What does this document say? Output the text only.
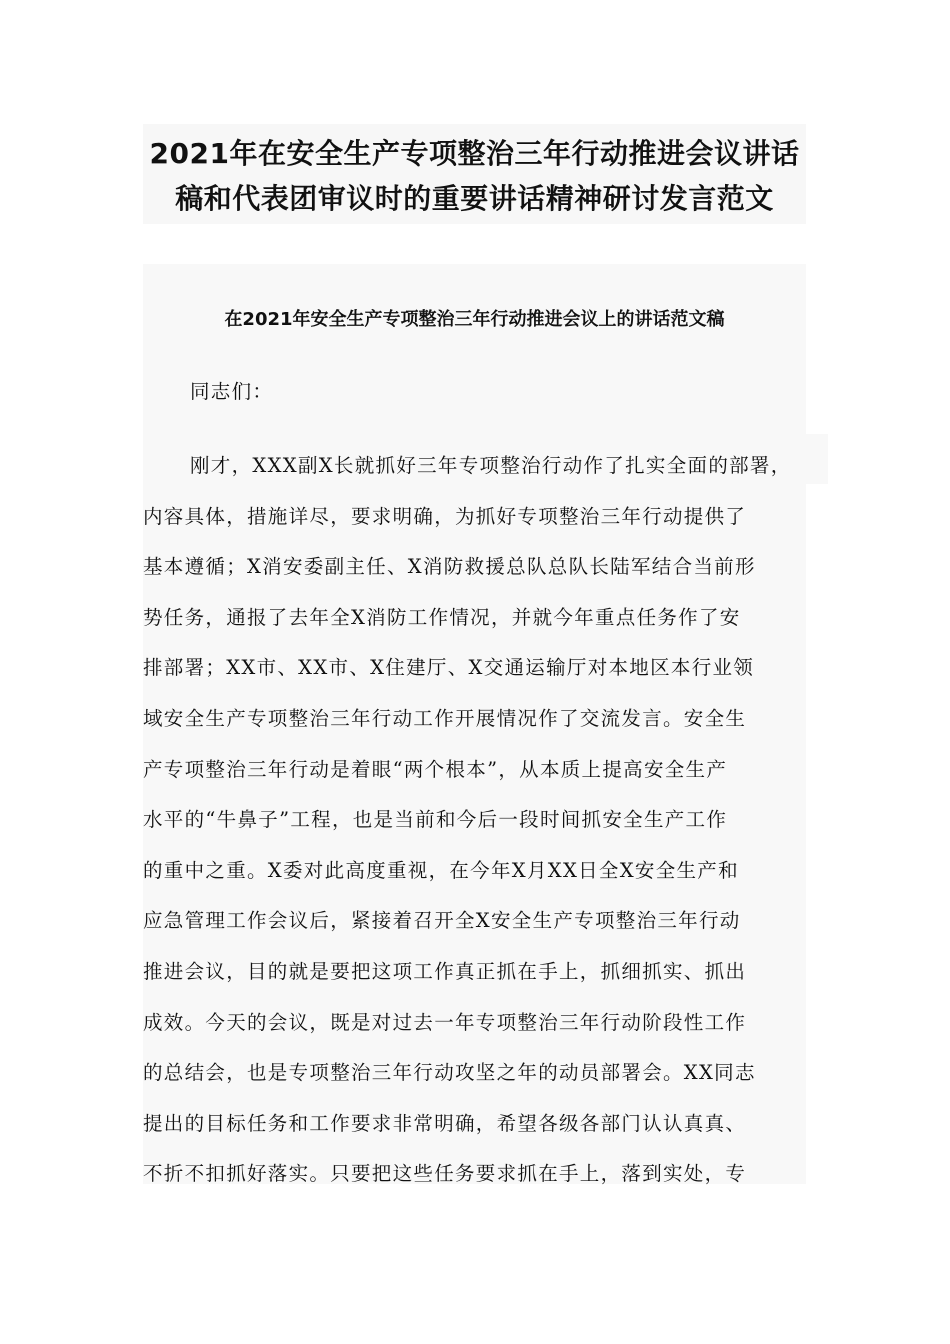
2021年在安全生产专项整治三年行动推进会议讲话
稿和代表团审议时的重要讲话精神研讨发言范文
在2021年安全生产专项整治三年行动推进会议上的讲话范文稿
同志们：
刚才，XXX副X长就抓好三年专项整治行动作了扎实全面的部署，
内容具体，措施详尽，要求明确，为抓好专项整治三年行动提供了
基本遵循；X消安委副主任、X消防救援总队总队长陆军结合当前形
势任务，通报了去年全X消防工作情况，并就今年重点任务作了安
排部署；XX市、XX市、X住建厅、X交通运输厅对本地区本行业领
域安全生产专项整治三年行动工作开展情况作了交流发言。安全生
产专项整治三年行动是着眼“两个根本”，从本质上提高安全生产
水平的“牛鼻子”工程，也是当前和今后一段时间抓安全生产工作
的重中之重。X委对此高度重视，在今年X月XX日全X安全生产和
应急管理工作会议后，紧接着召开全X安全生产专项整治三年行动
推进会议，目的就是要把这项工作真正抓在手上，抓细抓实、抓出
成效。今天的会议，既是对过去一年专项整治三年行动阶段性工作
的总结会，也是专项整治三年行动攻坚之年的动员部署会。XX同志
提出的目标任务和工作要求非常明确，希望各级各部门认认真真、
不折不扣抓好落实。只要把这些任务要求抓在手上，落到实处，专
